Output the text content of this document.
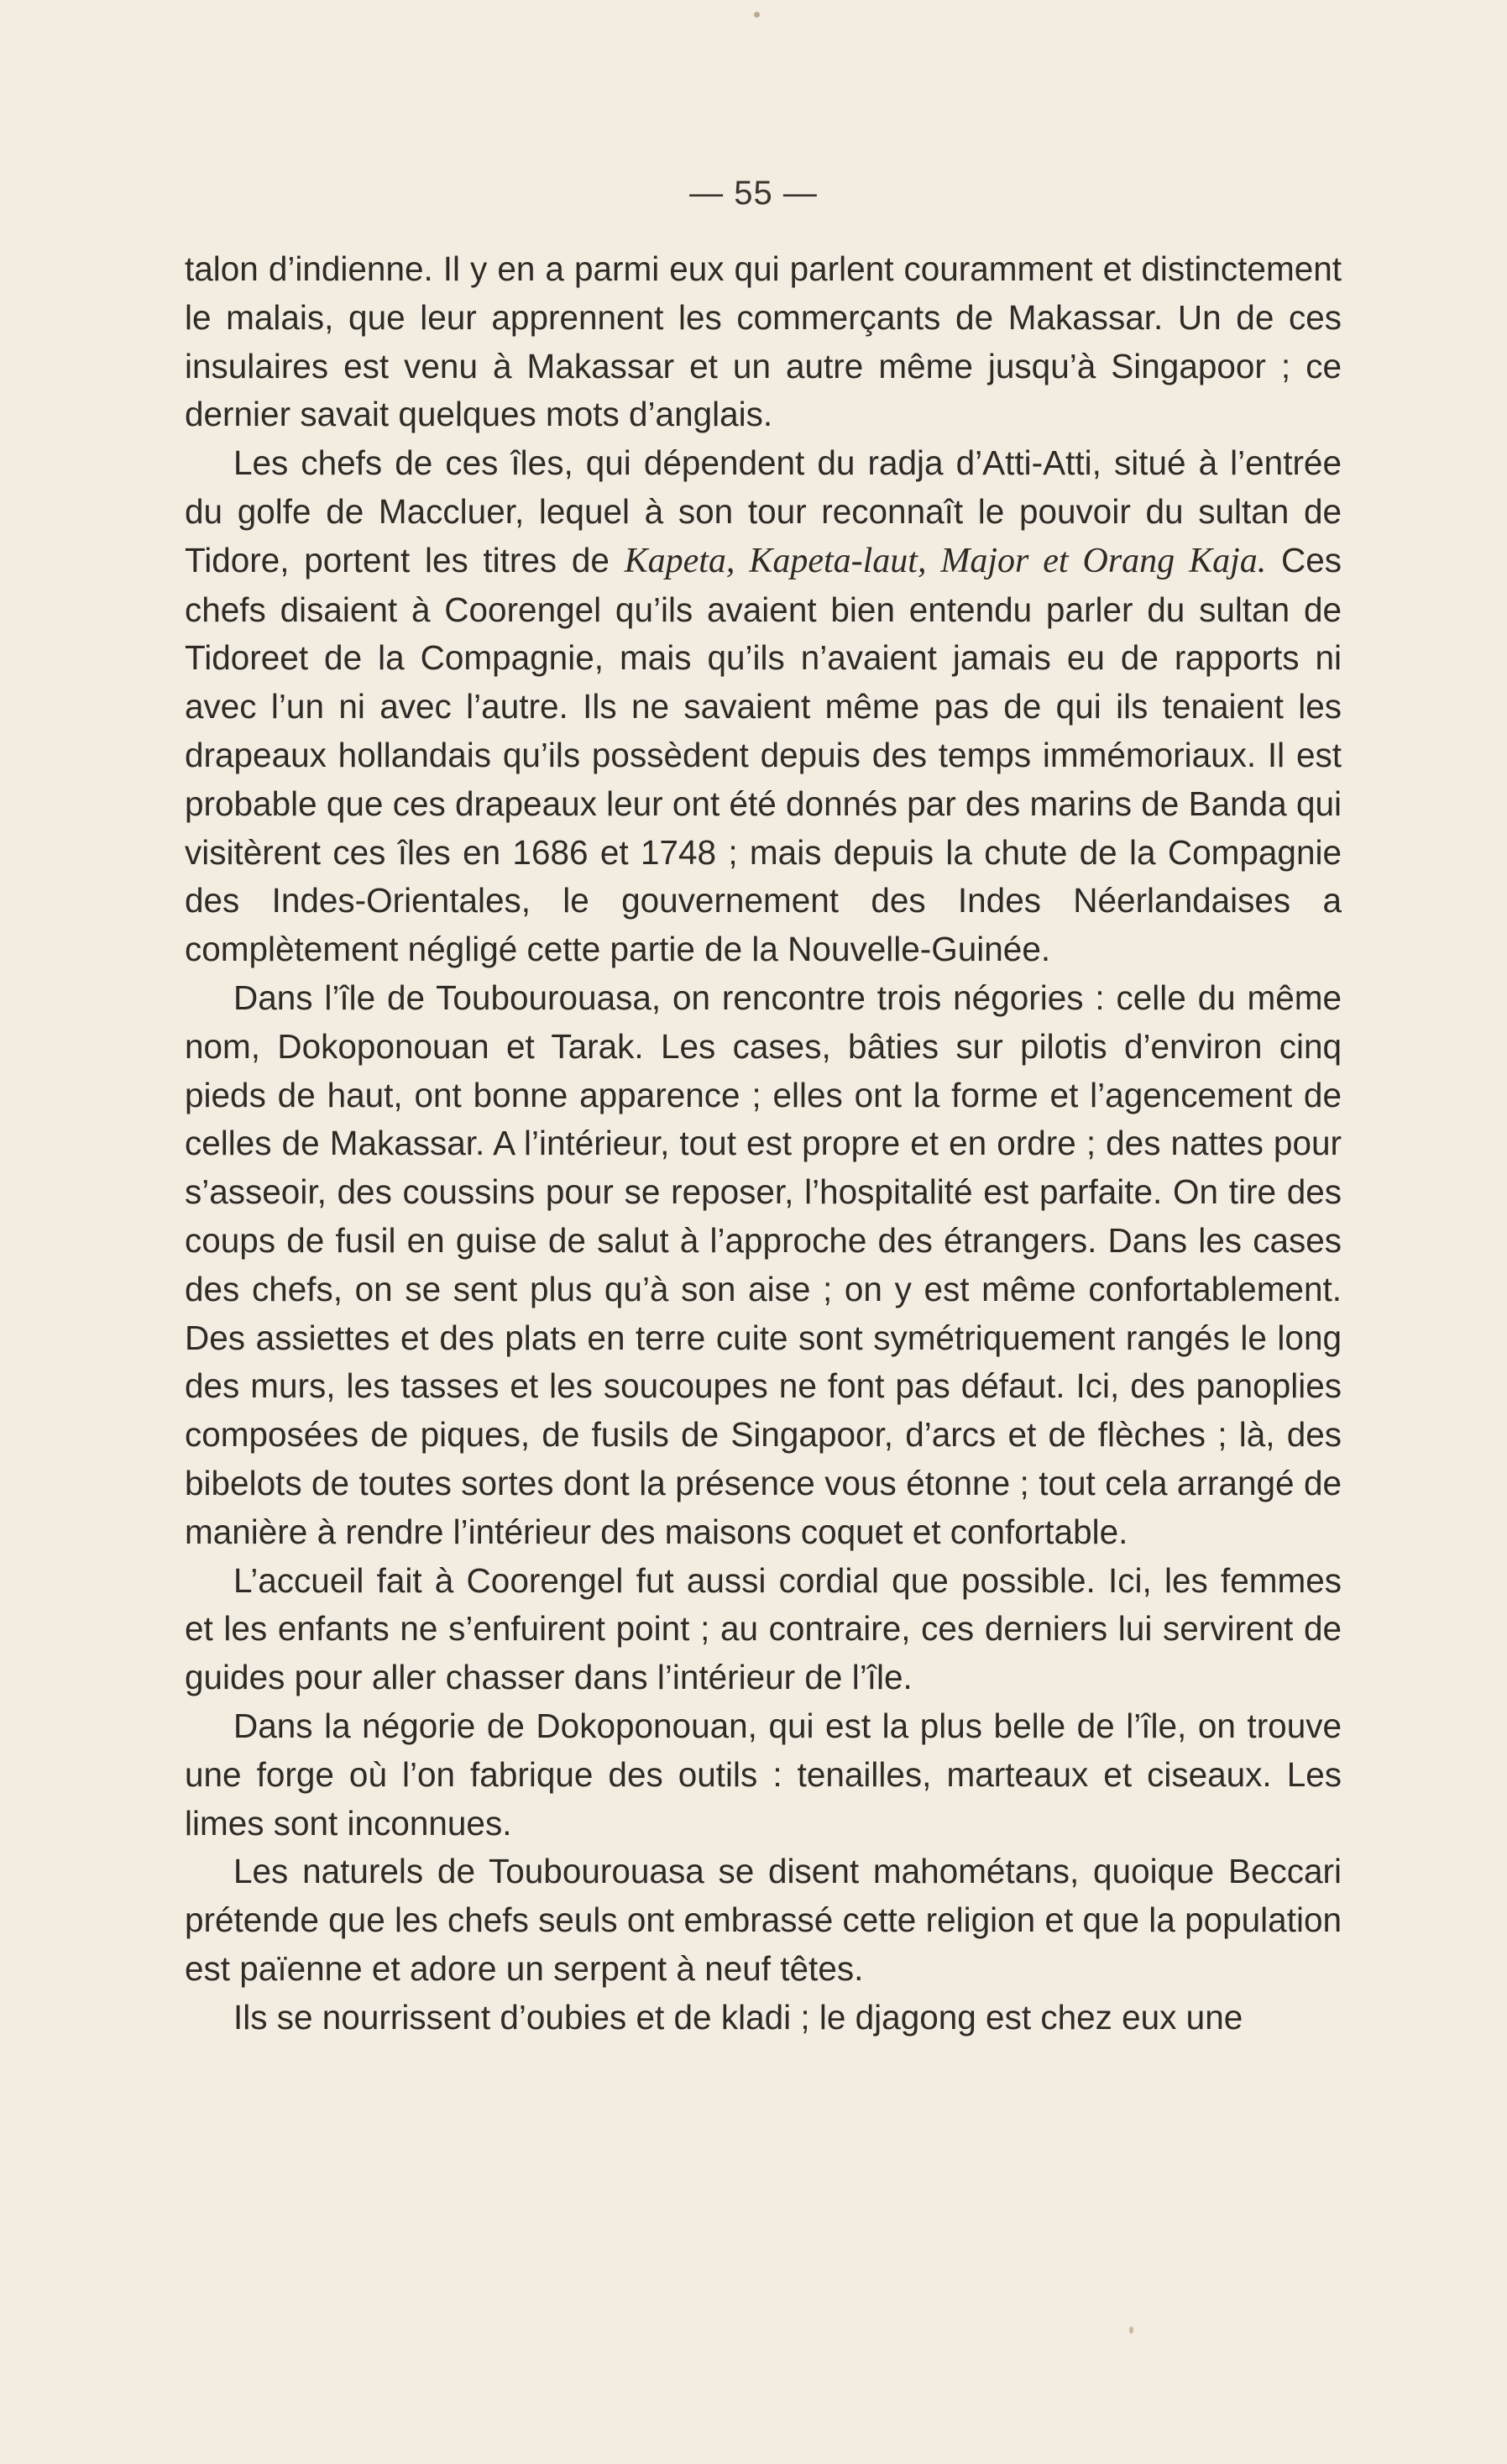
— 55 —

talon d’indienne. Il y en a parmi eux qui parlent couramment et distinctement le malais, que leur apprennent les commerçants de Makassar. Un de ces insulaires est venu à Makassar et un autre même jusqu’à Singapoor ; ce dernier savait quelques mots d’anglais.

Les chefs de ces îles, qui dépendent du radja d’Atti-Atti, situé à l’entrée du golfe de Maccluer, lequel à son tour reconnaît le pouvoir du sultan de Tidore, portent les titres de Kapeta, Kapeta-laut, Major et Orang Kaja. Ces chefs disaient à Coorengel qu’ils avaient bien entendu parler du sultan de Tidoreet de la Compagnie, mais qu’ils n’avaient jamais eu de rapports ni avec l’un ni avec l’autre. Ils ne savaient même pas de qui ils tenaient les drapeaux hollandais qu’ils possèdent depuis des temps immémoriaux. Il est probable que ces drapeaux leur ont été donnés par des marins de Banda qui visitèrent ces îles en 1686 et 1748 ; mais depuis la chute de la Compagnie des Indes-Orientales, le gouvernement des Indes Néerlandaises a complètement négligé cette partie de la Nouvelle-Guinée.

Dans l’île de Toubourouasa, on rencontre trois négories : celle du même nom, Dokoponouan et Tarak. Les cases, bâties sur pilotis d’environ cinq pieds de haut, ont bonne apparence ; elles ont la forme et l’agencement de celles de Makassar. A l’intérieur, tout est propre et en ordre ; des nattes pour s’asseoir, des coussins pour se reposer, l’hospitalité est parfaite. On tire des coups de fusil en guise de salut à l’approche des étrangers. Dans les cases des chefs, on se sent plus qu’à son aise ; on y est même confortablement. Des assiettes et des plats en terre cuite sont symétriquement rangés le long des murs, les tasses et les soucoupes ne font pas défaut. Ici, des panoplies composées de piques, de fusils de Singapoor, d’arcs et de flèches ; là, des bibelots de toutes sortes dont la présence vous étonne ; tout cela arrangé de manière à rendre l’intérieur des maisons coquet et confortable.

L’accueil fait à Coorengel fut aussi cordial que possible. Ici, les femmes et les enfants ne s’enfuirent point ; au contraire, ces derniers lui servirent de guides pour aller chasser dans l’intérieur de l’île.

Dans la négorie de Dokoponouan, qui est la plus belle de l’île, on trouve une forge où l’on fabrique des outils : tenailles, marteaux et ciseaux. Les limes sont inconnues.

Les naturels de Toubourouasa se disent mahométans, quoique Beccari prétende que les chefs seuls ont embrassé cette religion et que la population est païenne et adore un serpent à neuf têtes.

Ils se nourrissent d’oubies et de kladi ; le djagong est chez eux une
